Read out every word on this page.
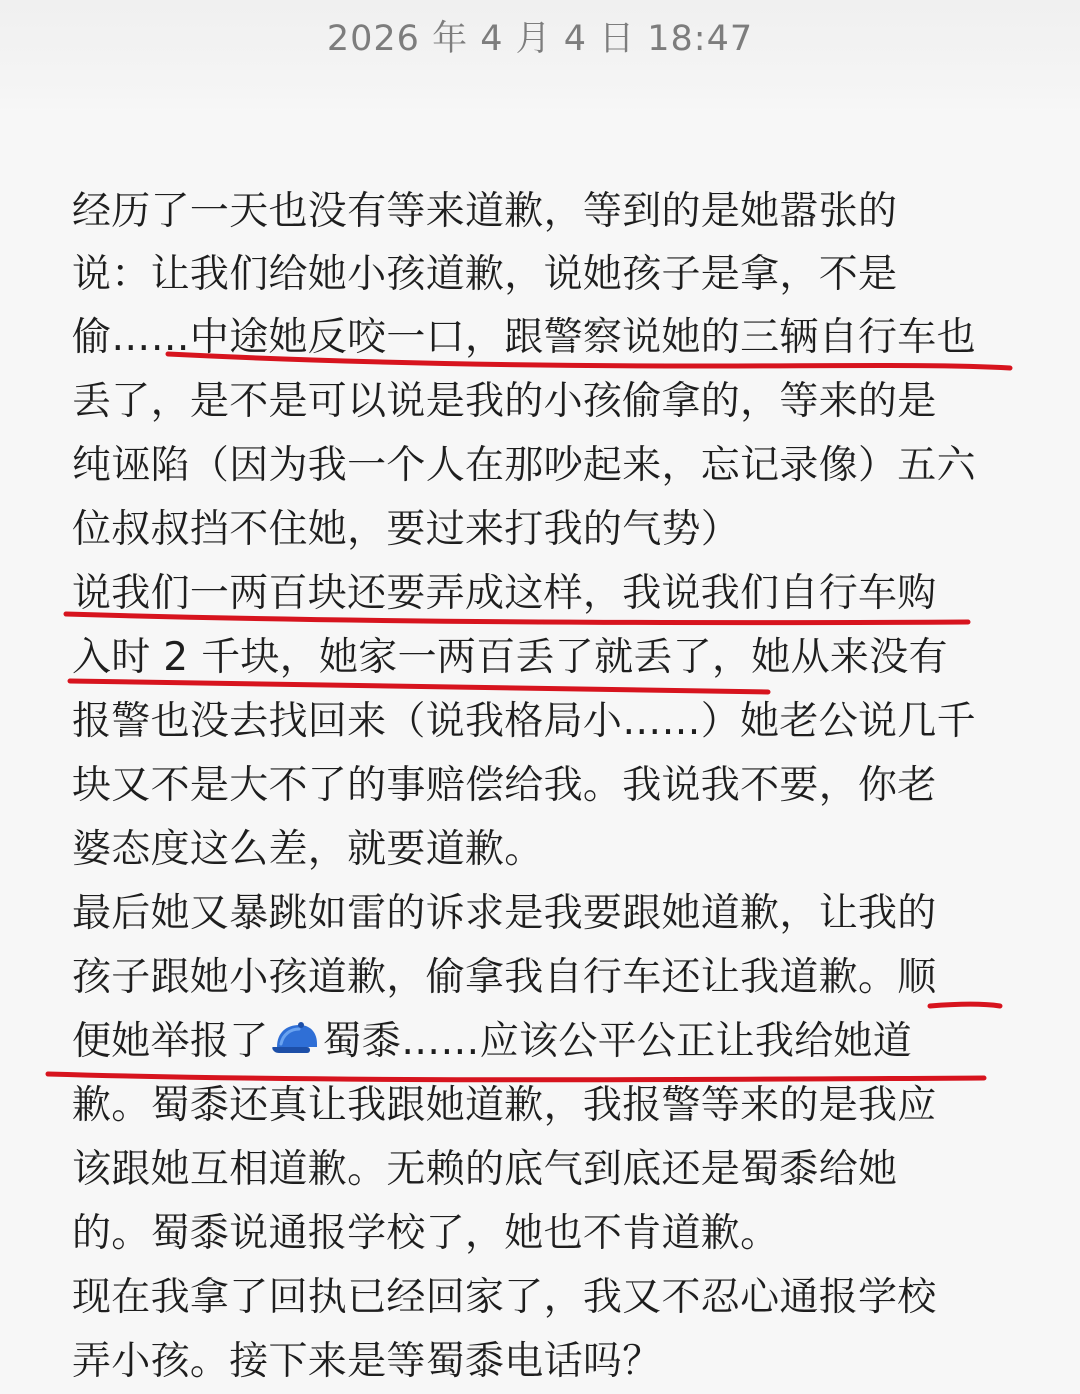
2026 年 4 月 4 日 18:47
经历了一天也没有等来道歉，等到的是她嚣张的
说：让我们给她小孩道歉，说她孩子是拿，不是
偷……中途她反咬一口，跟警察说她的三辆自行车也
丢了，是不是可以说是我的小孩偷拿的，等来的是
纯诬陷（因为我一个人在那吵起来，忘记录像）五六
位叔叔挡不住她，要过来打我的气势）
说我们一两百块还要弄成这样，我说我们自行车购
入时 2 千块，她家一两百丢了就丢了，她从来没有
报警也没去找回来（说我格局小……）她老公说几千
块又不是大不了的事赔偿给我。我说我不要，你老
婆态度这么差，就要道歉。
最后她又暴跳如雷的诉求是我要跟她道歉，让我的
孩子跟她小孩道歉，偷拿我自行车还让我道歉。顺
便她举报了 蜀黍……应该公平公正让我给她道
歉。蜀黍还真让我跟她道歉，我报警等来的是我应
该跟她互相道歉。无赖的底气到底还是蜀黍给她
的。蜀黍说通报学校了，她也不肯道歉。
现在我拿了回执已经回家了，我又不忍心通报学校
弄小孩。接下来是等蜀黍电话吗？
